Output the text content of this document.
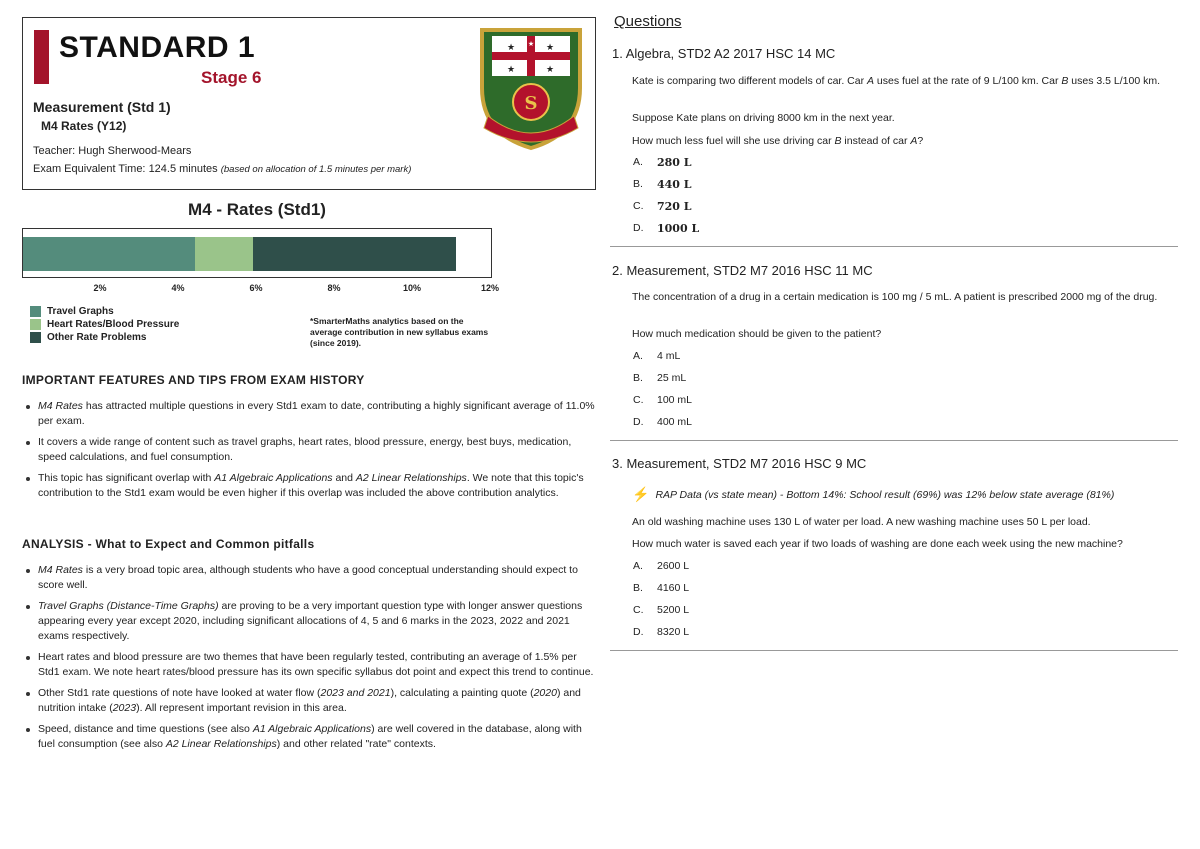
STANDARD 1
Stage 6
Measurement (Std 1)
M4 Rates (Y12)
Teacher: Hugh Sherwood-Mears
Exam Equivalent Time: 124.5 minutes (based on allocation of 1.5 minutes per mark)
★	★
★	★
★
S
M4 - Rates (Std1)
2%	4%	6%	8%	10%	12%
Travel Graphs
Heart Rates/Blood Pressure
Other Rate Problems
*SmarterMaths analytics based on the average contribution in new syllabus exams (since 2019).
IMPORTANT FEATURES AND TIPS FROM EXAM HISTORY
M4 Rates has attracted multiple questions in every Std1 exam to date, contributing a highly significant average of 11.0% per exam.
It covers a wide range of content such as travel graphs, heart rates, blood pressure, energy, best buys, medication, speed calculations, and fuel consumption.
This topic has significant overlap with A1 Algebraic Applications and A2 Linear Relationships. We note that this topic's contribution to the Std1 exam would be even higher if this overlap was included the above contribution analytics.
ANALYSIS - What to Expect and Common pitfalls
M4 Rates is a very broad topic area, although students who have a good conceptual understanding should expect to score well.
Travel Graphs (Distance-Time Graphs) are proving to be a very important question type with longer answer questions appearing every year except 2020, including significant allocations of 4, 5 and 6 marks in the 2023, 2022 and 2021 exams respectively.
Heart rates and blood pressure are two themes that have been regularly tested, contributing an average of 1.5% per Std1 exam. We note heart rates/blood pressure has its own specific syllabus dot point and expect this trend to continue.
Other Std1 rate questions of note have looked at water flow (2023 and 2021), calculating a painting quote (2020) and nutrition intake (2023). All represent important revision in this area.
Speed, distance and time questions (see also A1 Algebraic Applications) are well covered in the database, along with fuel consumption (see also A2 Linear Relationships) and other related "rate" contexts.
Questions
1. Algebra, STD2 A2 2017 HSC 14 MC
Kate is comparing two different models of car. Car A uses fuel at the rate of 9 L/100 km. Car B uses 3.5 L/100 km.
Suppose Kate plans on driving 8000 km in the next year.
How much less fuel will she use driving car B instead of car A?
A.	280 L
B.	440 L
C.	720 L
D.	1000 L
2. Measurement, STD2 M7 2016 HSC 11 MC
The concentration of a drug in a certain medication is 100 mg / 5 mL. A patient is prescribed 2000 mg of the drug.
How much medication should be given to the patient?
A.	4 mL
B.	25 mL
C.	100 mL
D.	400 mL
3. Measurement, STD2 M7 2016 HSC 9 MC
⚡ RAP Data (vs state mean) - Bottom 14%: School result (69%) was 12% below state average (81%)
An old washing machine uses 130 L of water per load. A new washing machine uses 50 L per load.
How much water is saved each year if two loads of washing are done each week using the new machine?
A.	2600 L
B.	4160 L
C.	5200 L
D.	8320 L
